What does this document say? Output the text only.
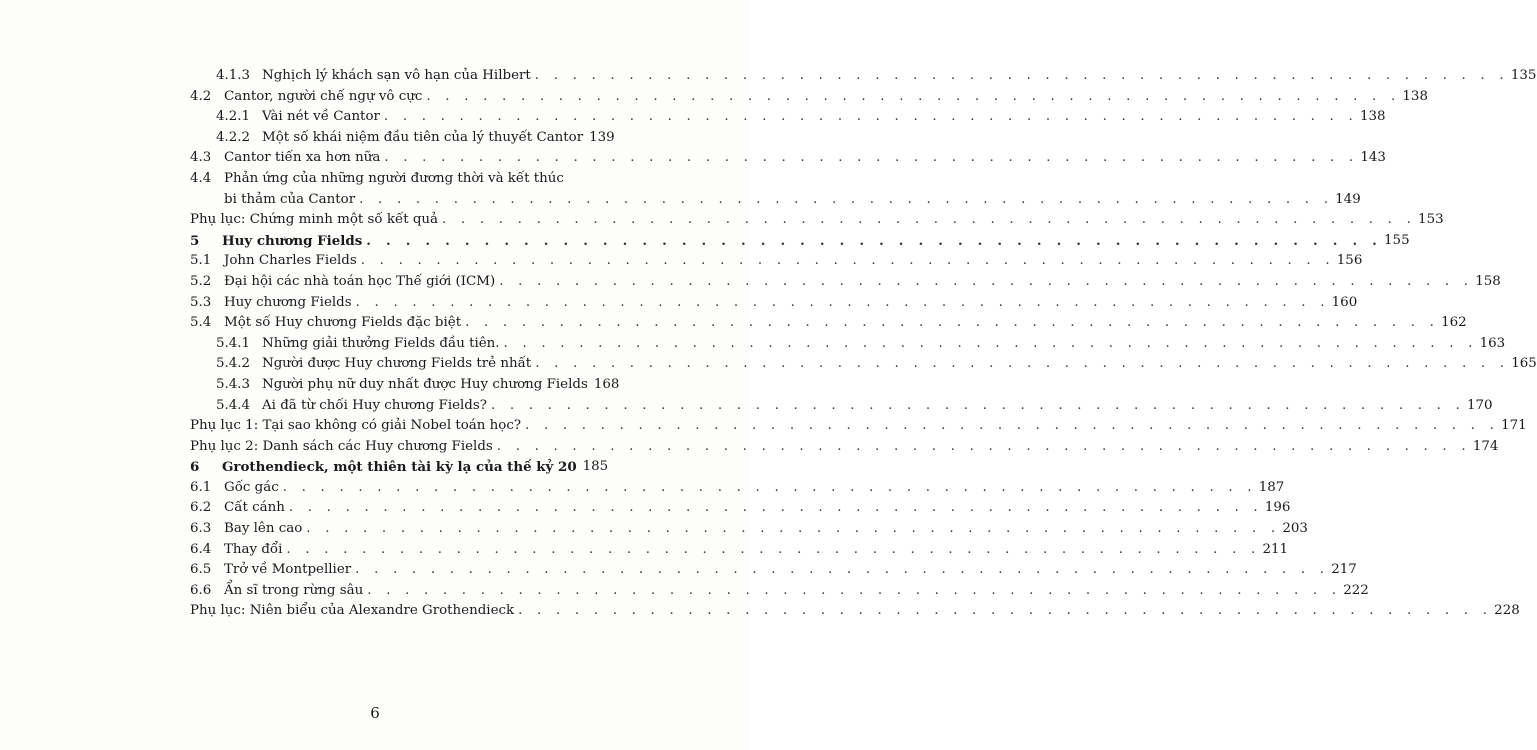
4.1.3 Nghịch lý khách sạn vô hạn của Hilbert . . .	135
4.2 Cantor, người chế ngự vô cực . . .	138
4.2.1 Vài nét về Cantor . . .	138
4.2.2 Một số khái niệm đầu tiên của lý thuyết Cantor 139
4.3 Cantor tiến xa hơn nữa . . .	143
4.4 Phản ứng của những người đương thời và kết thúc
bi thảm của Cantor . . .	149
Phụ lục: Chứng minh một số kết quả . . .	153
5 Huy chương Fields . . .	155
5.1 John Charles Fields . . .	156
5.2 Đại hội các nhà toán học Thế giới (ICM) . . .	158
5.3 Huy chương Fields . . .	160
5.4 Một số Huy chương Fields đặc biệt . . .	162
5.4.1 Những giải thưởng Fields đầu tiên. . . .	163
5.4.2 Người được Huy chương Fields trẻ nhất . . .	165
5.4.3 Người phụ nữ duy nhất được Huy chương Fields 168
5.4.4 Ai đã từ chối Huy chương Fields? . . .	170
Phụ lục 1: Tại sao không có giải Nobel toán học? . . .	171
Phụ lục 2: Danh sách các Huy chương Fields . . .	174
6 Grothendieck, một thiên tài kỳ lạ của thế kỷ 20 185
6.1 Gốc gác . . .	187
6.2 Cất cánh . . .	196
6.3 Bay lên cao . . .	203
6.4 Thay đổi . . .	211
6.5 Trở về Montpellier . . .	217
6.6 Ẩn sĩ trong rừng sâu . . .	222
Phụ lục: Niên biểu của Alexandre Grothendieck . . .	228
6
